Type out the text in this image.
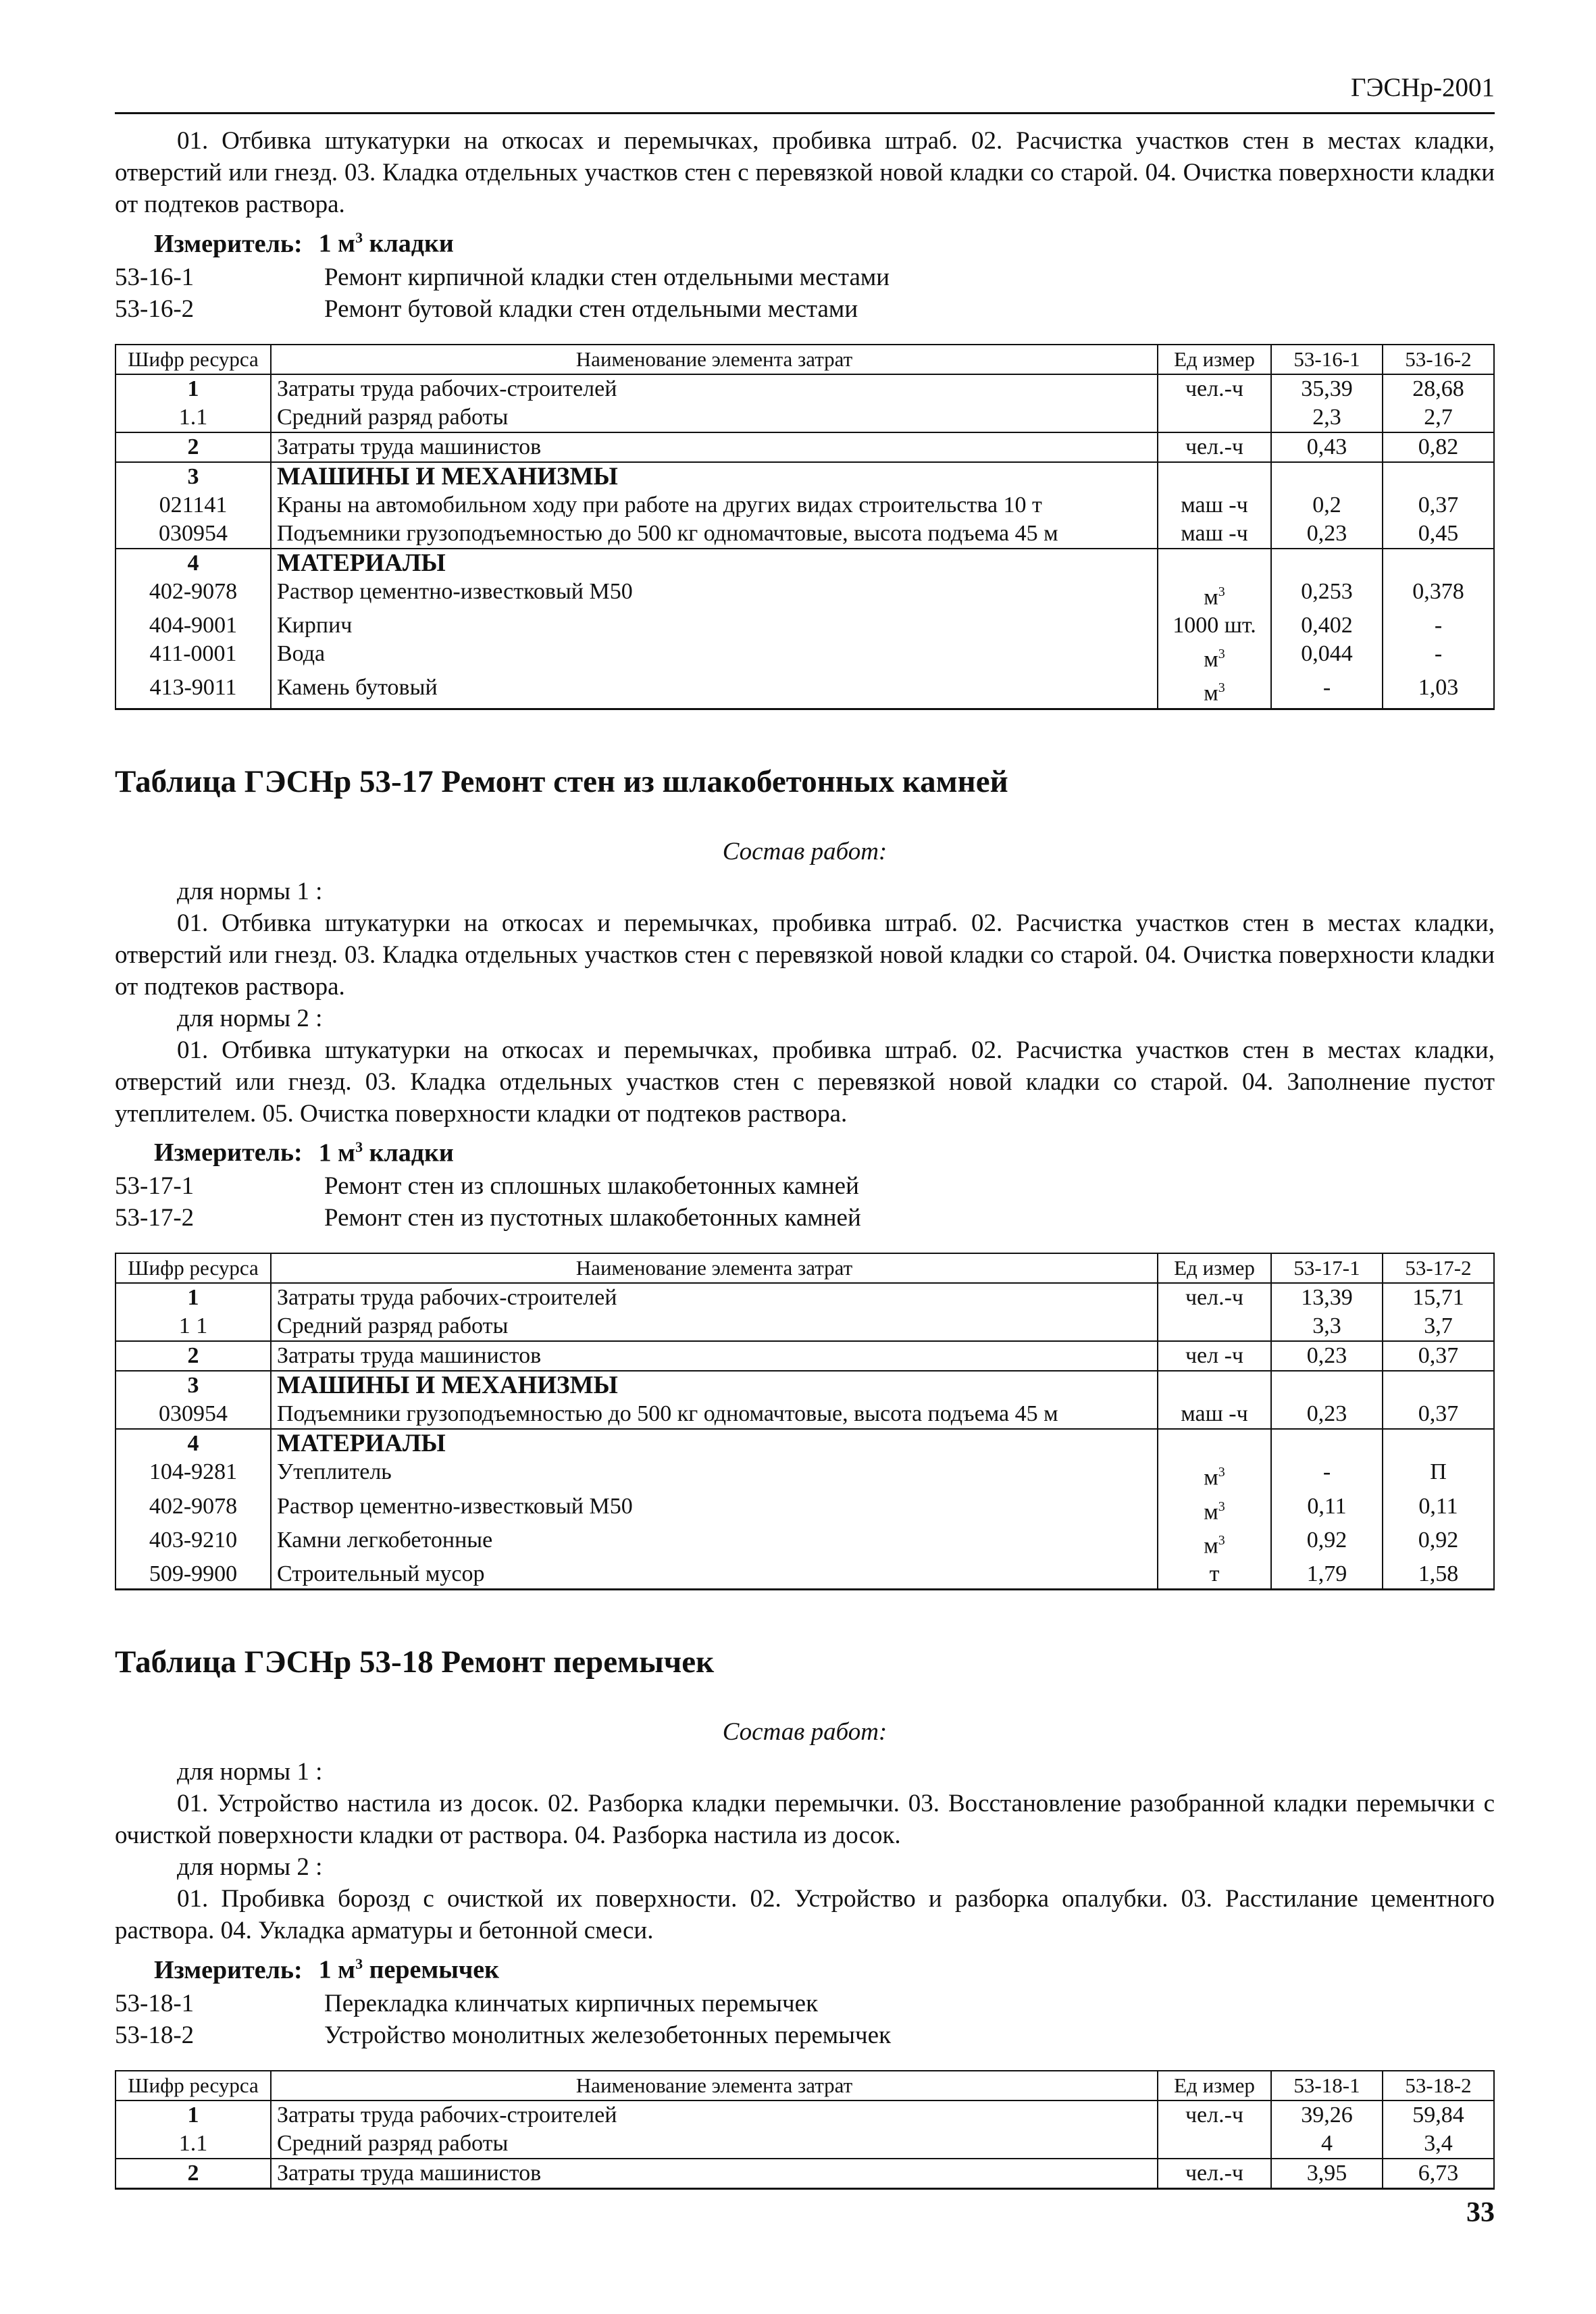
ГЭСНр-2001

01. Отбивка штукатурки на откосах и перемычках, пробивка штраб. 02. Расчистка участков стен в местах кладки, отверстий или гнезд. 03. Кладка отдельных участков стен с перевязкой новой кладки со старой. 04. Очистка поверхности кладки от подтеков раствора.

Измеритель: 1 $м^3$ кладки
53-16-1	Ремонт кирпичной кладки стен отдельными местами
53-16-2	Ремонт бутовой кладки стен отдельными местами
Шифр ресурса	Наименование элемента затрат	Ед измер	53-16-1	53-16-2
1	Затраты труда рабочих-строителей	чел.-ч	35,39	28,68
1.1	Средний разряд работы		2,3	2,7
2	Затраты труда машинистов	чел.-ч	0,43	0,82
3	МАШИНЫ И МЕХАНИЗМЫ			
021141	Краны на автомобильном ходу при работе на других видах строительства 10 т	маш -ч	0,2	0,37
030954	Подъемники грузоподъемностью до 500 кг одномачтовые, высота подъема 45 м	маш -ч	0,23	0,45
4	МАТЕРИАЛЫ			
402-9078	Раствор цементно-известковый М50	$м^3$	0,253	0,378
404-9001	Кирпич	1000 шт.	0,402	-
411-0001	Вода	$м^3$	0,044	-
413-9011	Камень бутовый	$м^3$	-	1,03
Таблица ГЭСНр 53-17 Ремонт стен из шлакобетонных камней
Состав работ:

для нормы 1 :

01. Отбивка штукатурки на откосах и перемычках, пробивка штраб. 02. Расчистка участков стен в местах кладки, отверстий или гнезд. 03. Кладка отдельных участков стен с перевязкой новой кладки со старой. 04. Очистка поверхности кладки от подтеков раствора.

для нормы 2 :

01. Отбивка штукатурки на откосах и перемычках, пробивка штраб. 02. Расчистка участков стен в местах кладки, отверстий или гнезд. 03. Кладка отдельных участков стен с перевязкой новой кладки со старой. 04. Заполнение пустот утеплителем. 05. Очистка поверхности кладки от подтеков раствора.

Измеритель: 1 $м^3$ кладки
53-17-1	Ремонт стен из сплошных шлакобетонных камней
53-17-2	Ремонт стен из пустотных шлакобетонных камней
Шифр ресурса	Наименование элемента затрат	Ед измер	53-17-1	53-17-2
1	Затраты труда рабочих-строителей	чел.-ч	13,39	15,71
1 1	Средний разряд работы		3,3	3,7
2	Затраты труда машинистов	чел -ч	0,23	0,37
3	МАШИНЫ И МЕХАНИЗМЫ			
030954	Подъемники грузоподъемностью до 500 кг одномачтовые, высота подъема 45 м	маш -ч	0,23	0,37
4	МАТЕРИАЛЫ			
104-9281	Утеплитель	$м^3$	-	П
402-9078	Раствор цементно-известковый М50	$м^3$	0,11	0,11
403-9210	Камни легкобетонные	$м^3$	0,92	0,92
509-9900	Строительный мусор	т	1,79	1,58
Таблица ГЭСНр 53-18 Ремонт перемычек
Состав работ:

для нормы 1 :

01. Устройство настила из досок. 02. Разборка кладки перемычки. 03. Восстановление разобранной кладки перемычки с очисткой поверхности кладки от раствора. 04. Разборка настила из досок.

для нормы 2 :

01. Пробивка борозд с очисткой их поверхности. 02. Устройство и разборка опалубки. 03. Расстилание цементного раствора. 04. Укладка арматуры и бетонной смеси.

Измеритель: 1 $м^3$ перемычек
53-18-1	Перекладка клинчатых кирпичных перемычек
53-18-2	Устройство монолитных железобетонных перемычек
Шифр ресурса	Наименование элемента затрат	Ед измер	53-18-1	53-18-2
1	Затраты труда рабочих-строителей	чел.-ч	39,26	59,84
1.1	Средний разряд работы		4	3,4
2	Затраты труда машинистов	чел.-ч	3,95	6,73
33
